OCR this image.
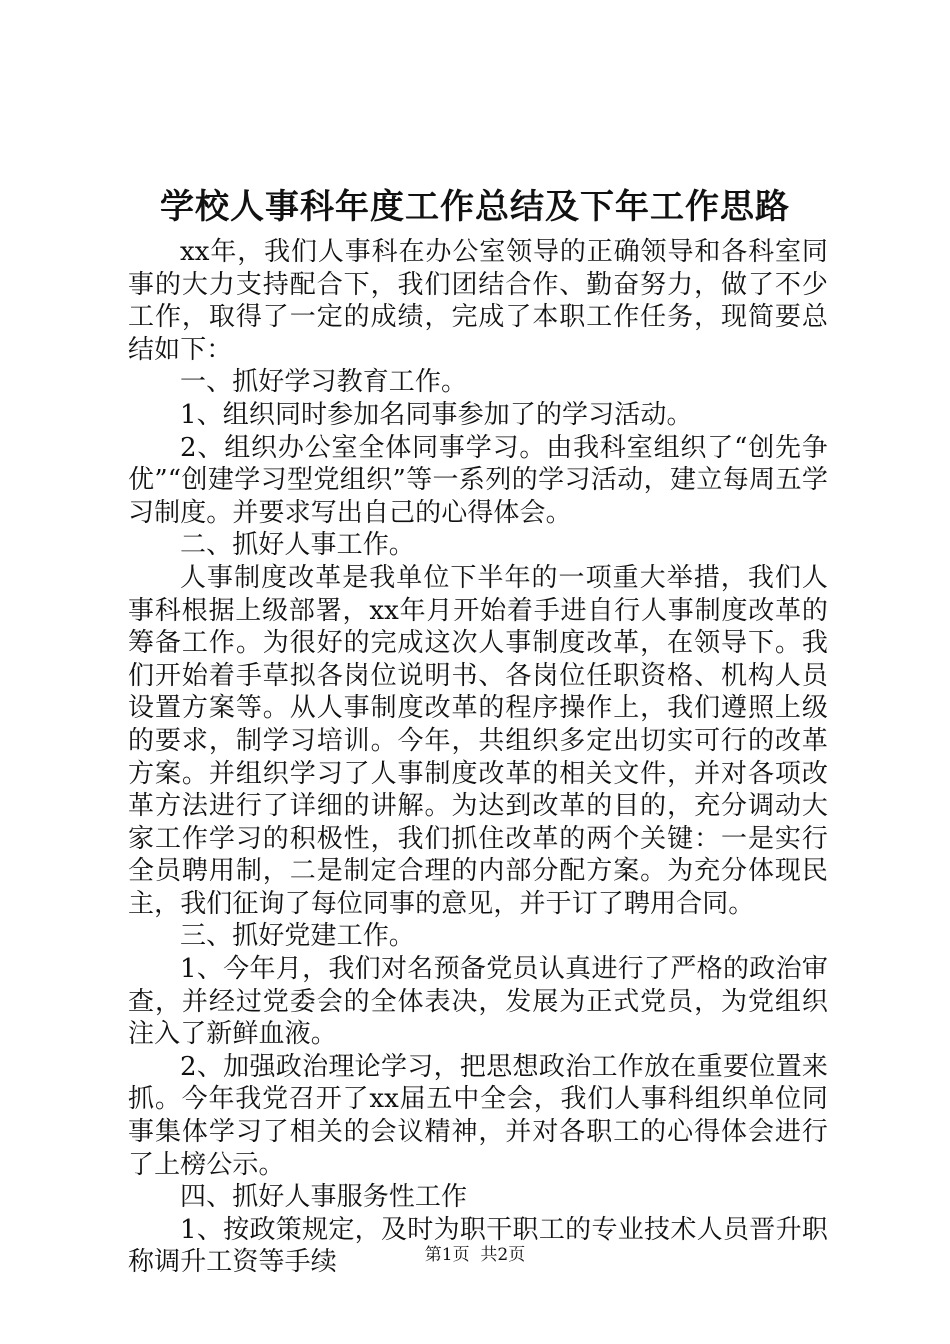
学校人事科年度工作总结及下年工作思路

xx年，我们人事科在办公室领导的正确领导和各科室同事的大力支持配合下，我们团结合作、勤奋努力，做了不少工作，取得了一定的成绩，完成了本职工作任务，现简要总结如下：

一、抓好学习教育工作。

1、组织同时参加名同事参加了的学习活动。

2、组织办公室全体同事学习。由我科室组织了“创先争优”“创建学习型党组织”等一系列的学习活动，建立每周五学习制度。并要求写出自己的心得体会。

二、抓好人事工作。

人事制度改革是我单位下半年的一项重大举措，我们人事科根据上级部署，xx年月开始着手进自行人事制度改革的筹备工作。为很好的完成这次人事制度改革，在领导下。我们开始着手草拟各岗位说明书、各岗位任职资格、机构人员设置方案等。从人事制度改革的程序操作上，我们遵照上级的要求，制学习培训。今年，共组织多定出切实可行的改革方案。并组织学习了人事制度改革的相关文件，并对各项改革方法进行了详细的讲解。为达到改革的目的，充分调动大家工作学习的积极性，我们抓住改革的两个关键：一是实行全员聘用制，二是制定合理的内部分配方案。为充分体现民主，我们征询了每位同事的意见，并于订了聘用合同。

三、抓好党建工作。

1、今年月，我们对名预备党员认真进行了严格的政治审查，并经过党委会的全体表决，发展为正式党员，为党组织注入了新鲜血液。

2、加强政治理论学习，把思想政治工作放在重要位置来抓。今年我党召开了xx届五中全会，我们人事科组织单位同事集体学习了相关的会议精神，并对各职工的心得体会进行了上榜公示。

四、抓好人事服务性工作

1、按政策规定，及时为职干职工的专业技术人员晋升职称调升工资等手续	第1页  共2页
